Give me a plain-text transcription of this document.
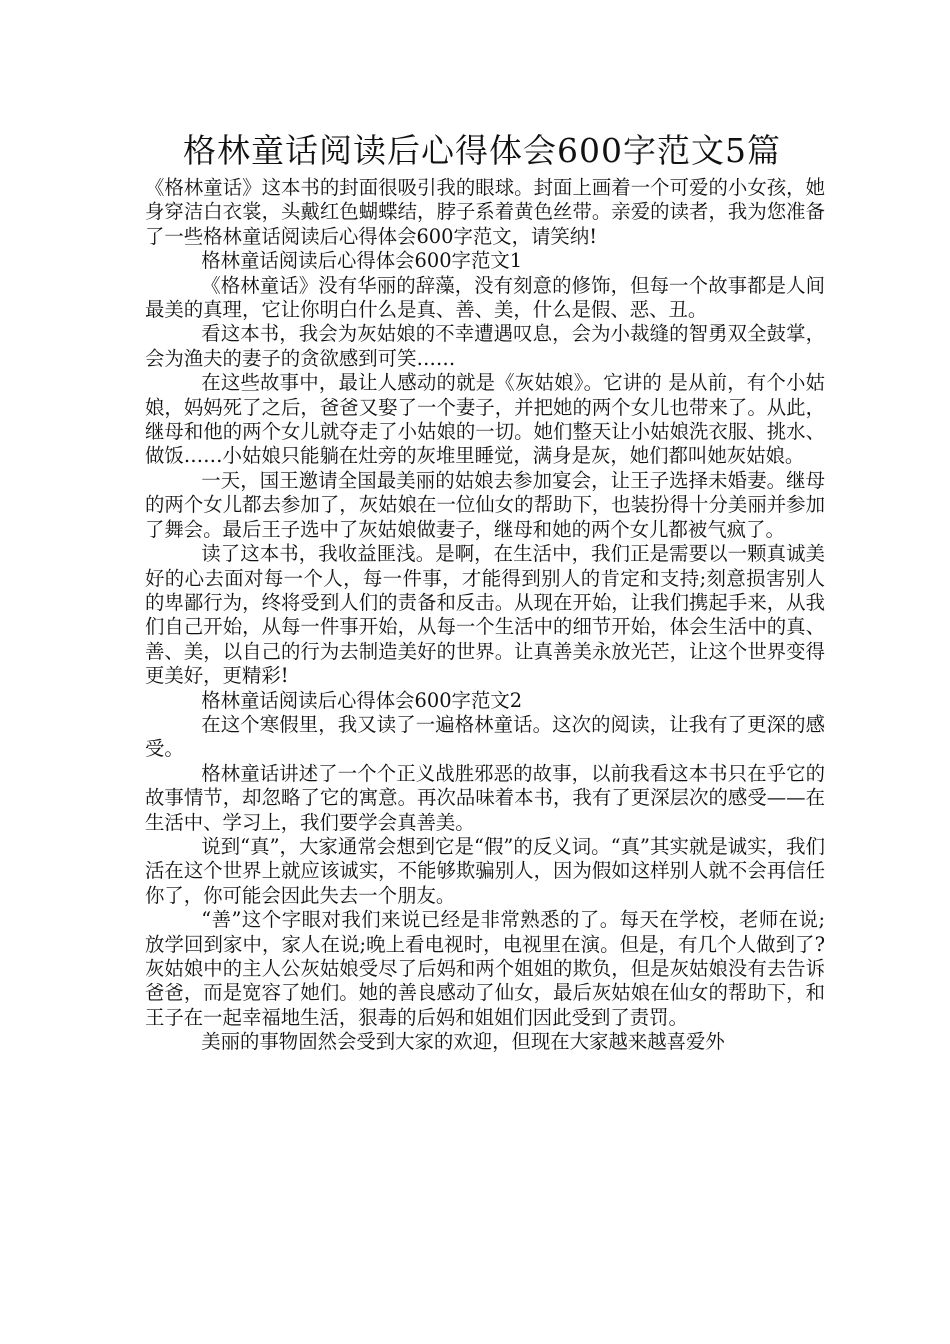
格林童话阅读后心得体会600字范文5篇

《格林童话》这本书的封面很吸引我的眼球。封面上画着一个可爱的小女孩，她身穿洁白衣裳，头戴红色蝴蝶结，脖子系着黄色丝带。亲爱的读者，我为您准备了一些格林童话阅读后心得体会600字范文，请笑纳!

格林童话阅读后心得体会600字范文1

《格林童话》没有华丽的辞藻，没有刻意的修饰，但每一个故事都是人间最美的真理，它让你明白什么是真、善、美，什么是假、恶、丑。

看这本书，我会为灰姑娘的不幸遭遇叹息，会为小裁缝的智勇双全鼓掌，会为渔夫的妻子的贪欲感到可笑……

在这些故事中，最让人感动的就是《灰姑娘》。它讲的 是从前，有个小姑娘，妈妈死了之后，爸爸又娶了一个妻子，并把她的两个女儿也带来了。从此，继母和他的两个女儿就夺走了小姑娘的一切。她们整天让小姑娘洗衣服、挑水、做饭……小姑娘只能躺在灶旁的灰堆里睡觉，满身是灰，她们都叫她灰姑娘。

一天，国王邀请全国最美丽的姑娘去参加宴会，让王子选择未婚妻。继母的两个女儿都去参加了，灰姑娘在一位仙女的帮助下，也装扮得十分美丽并参加了舞会。最后王子选中了灰姑娘做妻子，继母和她的两个女儿都被气疯了。

读了这本书，我收益匪浅。是啊，在生活中，我们正是需要以一颗真诚美好的心去面对每一个人，每一件事，才能得到别人的肯定和支持;刻意损害别人的卑鄙行为，终将受到人们的责备和反击。从现在开始，让我们携起手来，从我们自己开始，从每一件事开始，从每一个生活中的细节开始，体会生活中的真、善、美，以自己的行为去制造美好的世界。让真善美永放光芒，让这个世界变得更美好，更精彩!

格林童话阅读后心得体会600字范文2

在这个寒假里，我又读了一遍格林童话。这次的阅读，让我有了更深的感受。

格林童话讲述了一个个正义战胜邪恶的故事，以前我看这本书只在乎它的故事情节，却忽略了它的寓意。再次品味着本书，我有了更深层次的感受——在生活中、学习上，我们要学会真善美。

说到“真”，大家通常会想到它是“假”的反义词。“真”其实就是诚实，我们活在这个世界上就应该诚实，不能够欺骗别人，因为假如这样别人就不会再信任你了，你可能会因此失去一个朋友。

“善”这个字眼对我们来说已经是非常熟悉的了。每天在学校，老师在说;放学回到家中，家人在说;晚上看电视时，电视里在演。但是，有几个人做到了?灰姑娘中的主人公灰姑娘受尽了后妈和两个姐姐的欺负，但是灰姑娘没有去告诉爸爸，而是宽容了她们。她的善良感动了仙女，最后灰姑娘在仙女的帮助下，和王子在一起幸福地生活，狠毒的后妈和姐姐们因此受到了责罚。

美丽的事物固然会受到大家的欢迎，但现在大家越来越喜爱外
